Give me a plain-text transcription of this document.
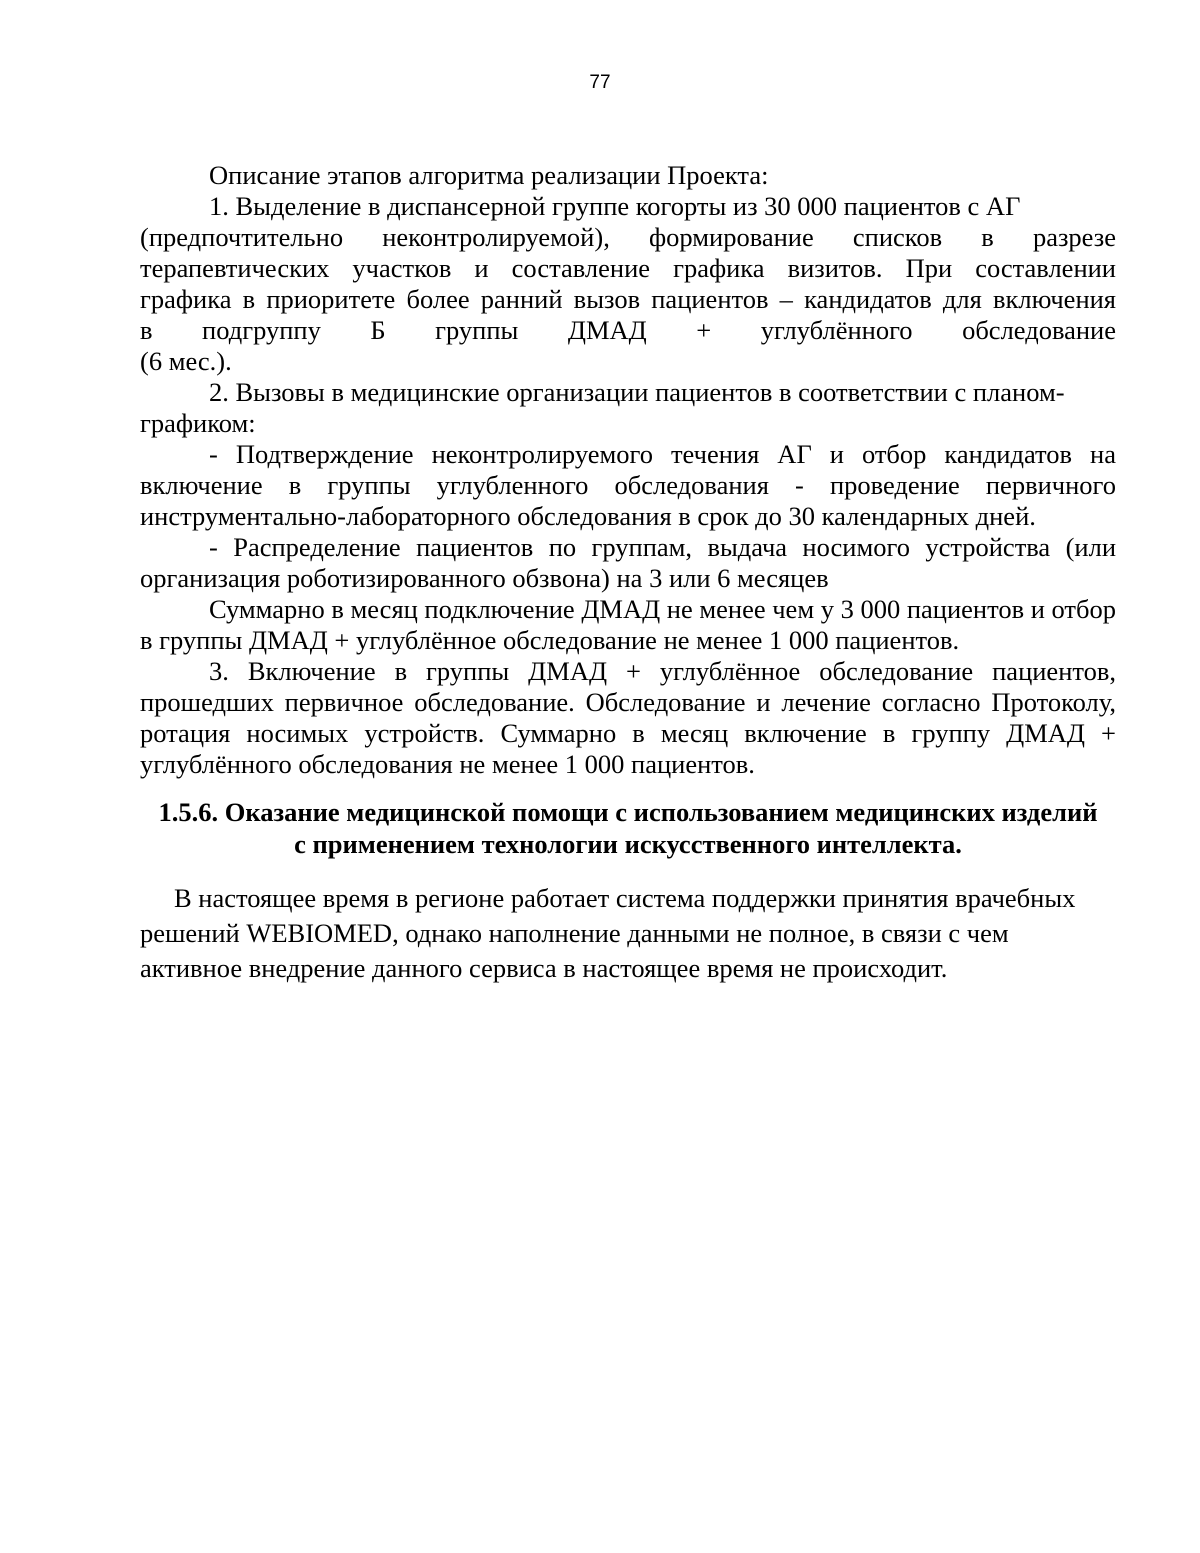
77

Описание этапов алгоритма реализации Проекта:

1. Выделение в диспансерной группе когорты из 30 000 пациентов с АГ
(предпочтительно неконтролируемой), формирование списков в разрезе
терапевтических участков и составление графика визитов. При составлении
графика в приоритете более ранний вызов пациентов – кандидатов для включения
в подгруппу Б группы ДМАД + углублённого обследование
(6 мес.).

2. Вызовы в медицинские организации пациентов в соответствии с планом-
графиком:

- Подтверждение неконтролируемого течения АГ и отбор кандидатов на включение в группы углубленного обследования - проведение первичного инструментально-лабораторного обследования в срок до 30 календарных дней.

- Распределение пациентов по группам, выдача носимого устройства (или организация роботизированного обзвона) на 3 или 6 месяцев

Суммарно в месяц подключение ДМАД не менее чем у 3 000 пациентов и отбор в группы ДМАД + углублённое обследование не менее 1 000 пациентов.

3. Включение в группы ДМАД + углублённое обследование пациентов, прошедших первичное обследование. Обследование и лечение согласно Протоколу, ротация носимых устройств. Суммарно в месяц включение в группу ДМАД + углублённого обследования не менее 1 000 пациентов.

1.5.6. Оказание медицинской помощи с использованием медицинских изделий
с применением технологии искусственного интеллекта.
В настоящее время в регионе работает система поддержки принятия врачебных
решений WEBIOMED, однако наполнение данными не полное, в связи с чем
активное внедрение данного сервиса в настоящее время не происходит.
